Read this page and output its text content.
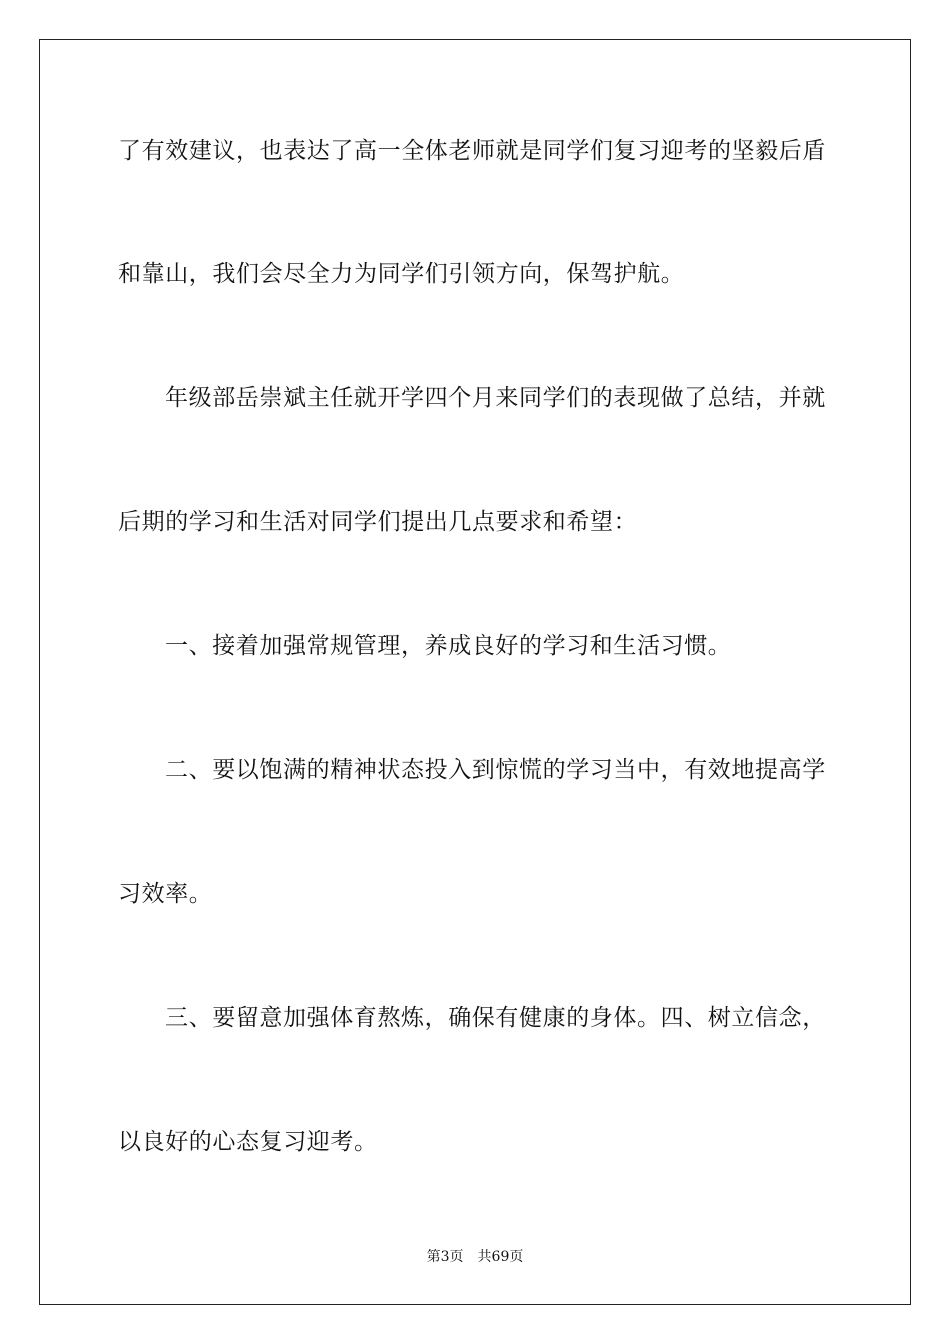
了有效建议，也表达了高一全体老师就是同学们复习迎考的坚毅后盾
和靠山，我们会尽全力为同学们引领方向，保驾护航。
年级部岳崇斌主任就开学四个月来同学们的表现做了总结，并就
后期的学习和生活对同学们提出几点要求和希望：
一、接着加强常规管理，养成良好的学习和生活习惯。
二、要以饱满的精神状态投入到惊慌的学习当中，有效地提高学
习效率。
三、要留意加强体育熬炼，确保有健康的身体。四、树立信念，
以良好的心态复习迎考。
第3页 共69页
